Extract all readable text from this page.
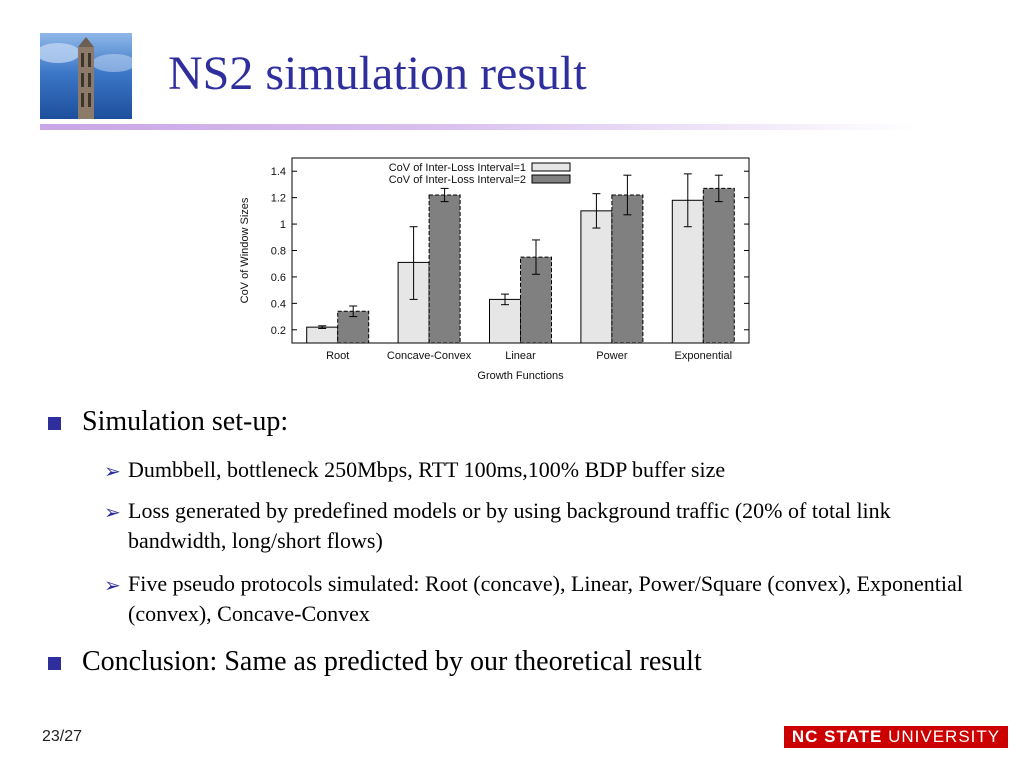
NS2 simulation result
0.2
0.4
0.6
0.8
1
1.2
1.4
CoV of Window Sizes
Root	Concave-Convex	Linear	Power	Exponential
Growth Functions
CoV of Inter-Loss Interval=1
CoV of Inter-Loss Interval=2
Simulation set-up:
➢ Dumbbell, bottleneck 250Mbps, RTT 100ms,100% BDP buffer size
➢ Loss generated by predefined models or by using background traffic (20% of total link bandwidth, long/short flows)
➢ Five pseudo protocols simulated: Root (concave), Linear, Power/Square (convex), Exponential (convex), Concave-Convex
Conclusion: Same as predicted by our theoretical result
23/27	NC STATE UNIVERSITY
